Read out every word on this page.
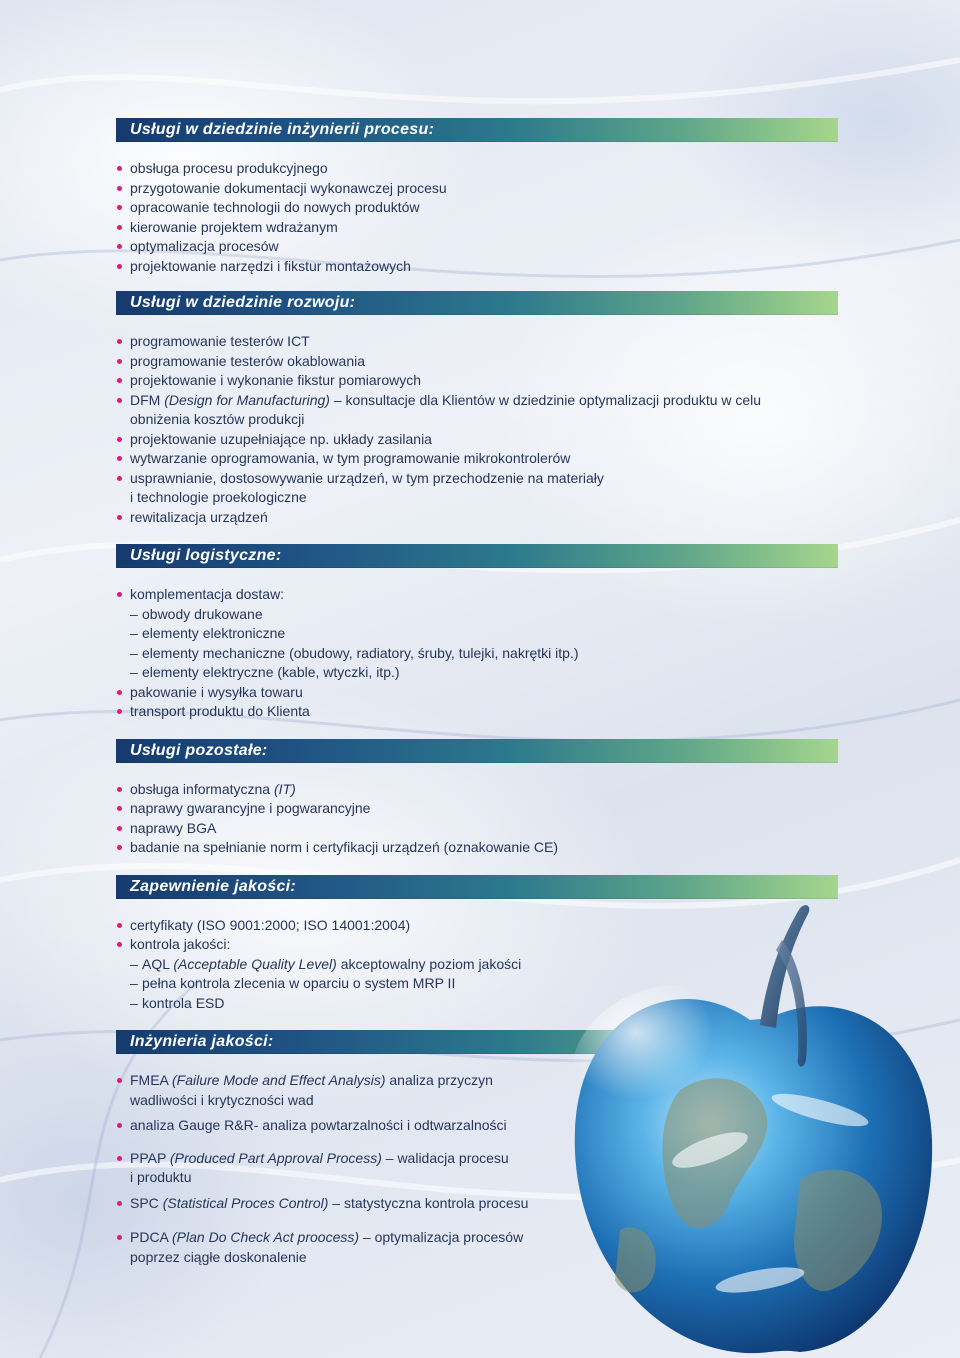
Usługi w dziedzinie inżynierii procesu:
obsługa procesu produkcyjnego
przygotowanie dokumentacji wykonawczej procesu
opracowanie technologii do nowych produktów
kierowanie projektem wdrażanym
optymalizacja procesów
projektowanie narzędzi i fikstur montażowych
Usługi w dziedzinie rozwoju:
programowanie testerów ICT
programowanie testerów okablowania
projektowanie i wykonanie fikstur pomiarowych
DFM (Design for Manufacturing) – konsultacje dla Klientów w dziedzinie optymalizacji produktu w celu
obniżenia kosztów produkcji
projektowanie uzupełniające np. układy zasilania
wytwarzanie oprogramowania, w tym programowanie mikrokontrolerów
usprawnianie, dostosowywanie urządzeń, w tym przechodzenie na materiały
i technologie proekologiczne
rewitalizacja urządzeń
Usługi logistyczne:
komplementacja dostaw:
– obwody drukowane
– elementy elektroniczne
– elementy mechaniczne (obudowy, radiatory, śruby, tulejki, nakrętki itp.)
– elementy elektryczne (kable, wtyczki, itp.)
pakowanie i wysyłka towaru
transport produktu do Klienta
Usługi pozostałe:
obsługa informatyczna (IT)
naprawy gwarancyjne i pogwarancyjne
naprawy BGA
badanie na spełnianie norm i certyfikacji urządzeń (oznakowanie CE)
Zapewnienie jakości:
certyfikaty (ISO 9001:2000; ISO 14001:2004)
kontrola jakości:
– AQL (Acceptable Quality Level) akceptowalny poziom jakości
– pełna kontrola zlecenia w oparciu o system MRP II
– kontrola ESD
Inżynieria jakości:
FMEA (Failure Mode and Effect Analysis) analiza przyczyn
wadliwości i krytyczności wad
analiza Gauge R&R- analiza powtarzalności i odtwarzalności
PPAP (Produced Part Approval Process) – walidacja procesu
i produktu
SPC (Statistical Proces Control) – statystyczna kontrola procesu
PDCA (Plan Do Check Act proocess) – optymalizacja procesów
poprzez ciągłe doskonalenie
